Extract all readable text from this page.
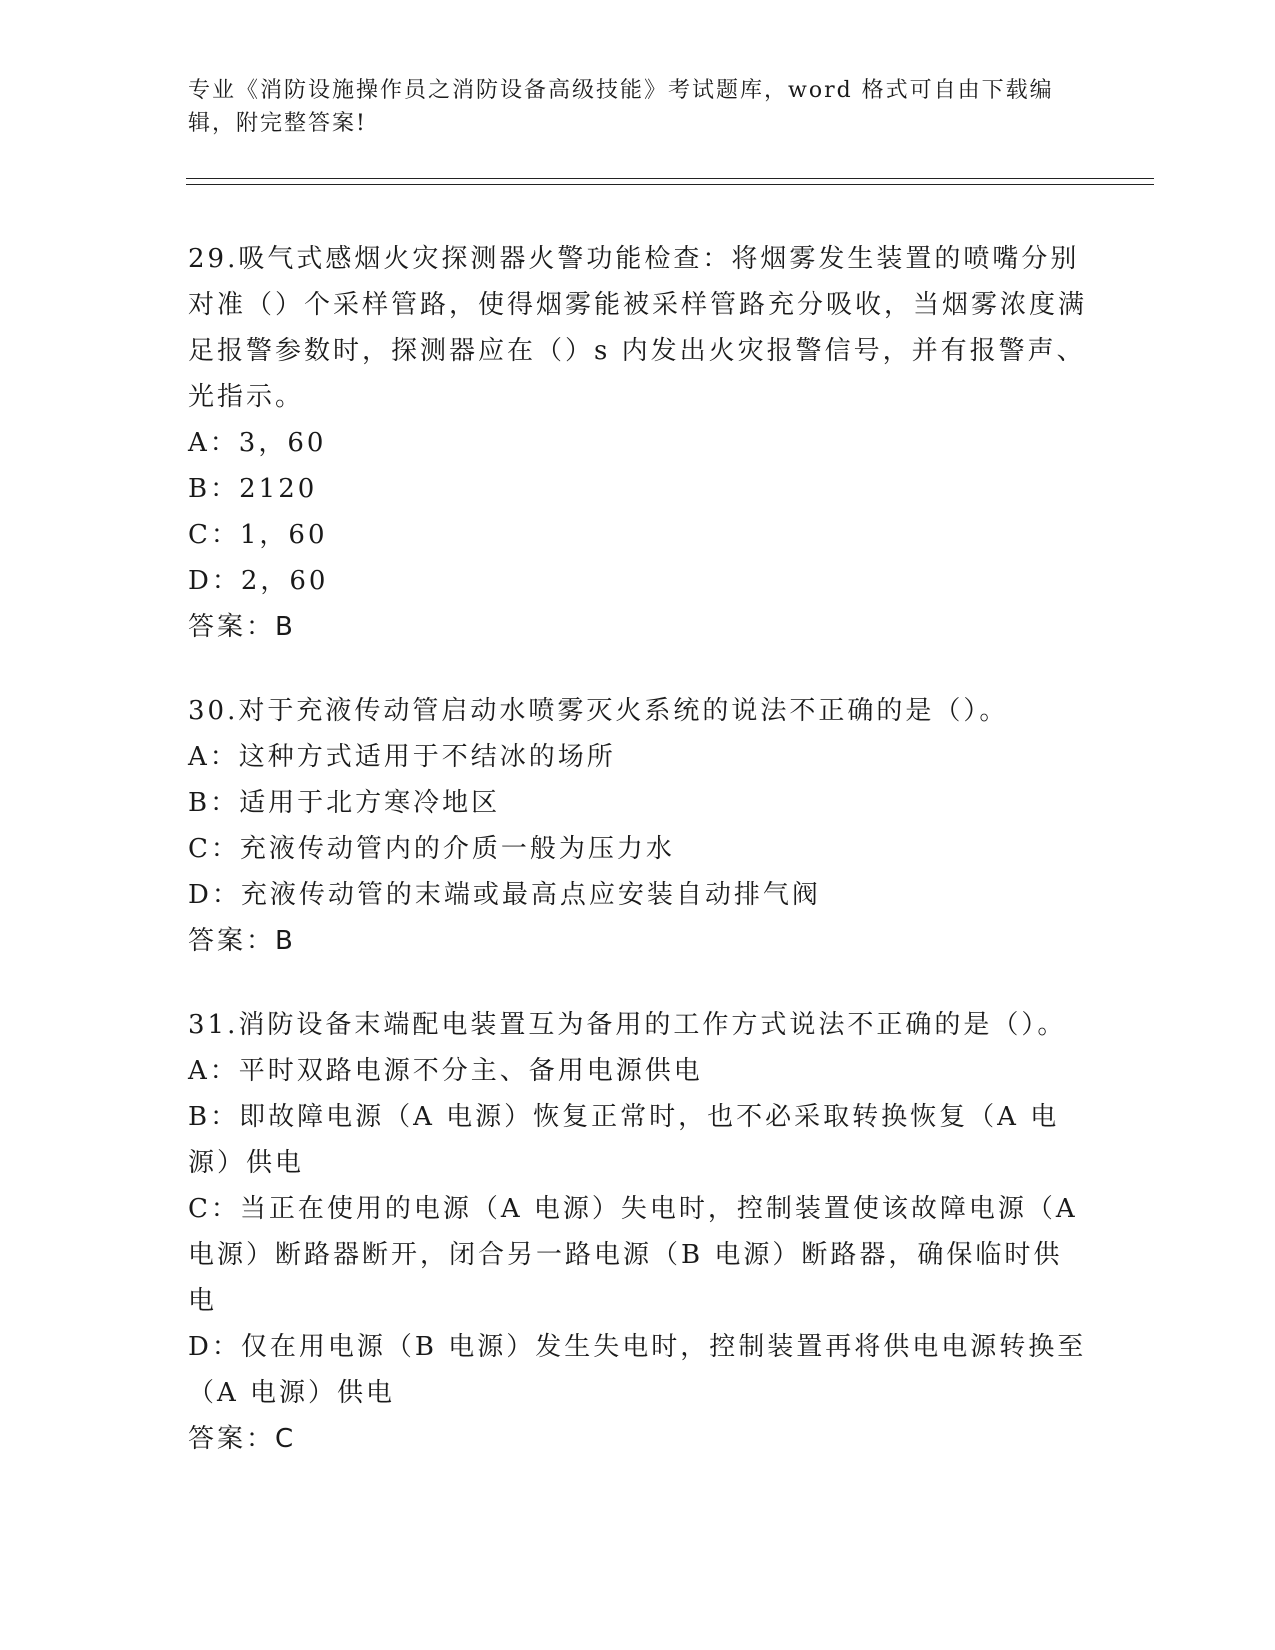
专业《消防设施操作员之消防设备高级技能》考试题库，word 格式可自由下载编辑，附完整答案!
29.吸气式感烟火灾探测器火警功能检查：将烟雾发生装置的喷嘴分别对准（）个采样管路，使得烟雾能被采样管路充分吸收，当烟雾浓度满足报警参数时，探测器应在（）s 内发出火灾报警信号，并有报警声、光指示。
A：3，60
B：2120
C：1，60
D：2，60
答案：B
30.对于充液传动管启动水喷雾灭火系统的说法不正确的是（）。
A：这种方式适用于不结冰的场所
B：适用于北方寒冷地区
C：充液传动管内的介质一般为压力水
D：充液传动管的末端或最高点应安装自动排气阀
答案：B
31.消防设备末端配电装置互为备用的工作方式说法不正确的是（）。
A：平时双路电源不分主、备用电源供电
B：即故障电源（A 电源）恢复正常时，也不必采取转换恢复（A 电源）供电
C：当正在使用的电源（A 电源）失电时，控制装置使该故障电源（A 电源）断路器断开，闭合另一路电源（B 电源）断路器，确保临时供电
D：仅在用电源（B 电源）发生失电时，控制装置再将供电电源转换至（A 电源）供电
答案：C
